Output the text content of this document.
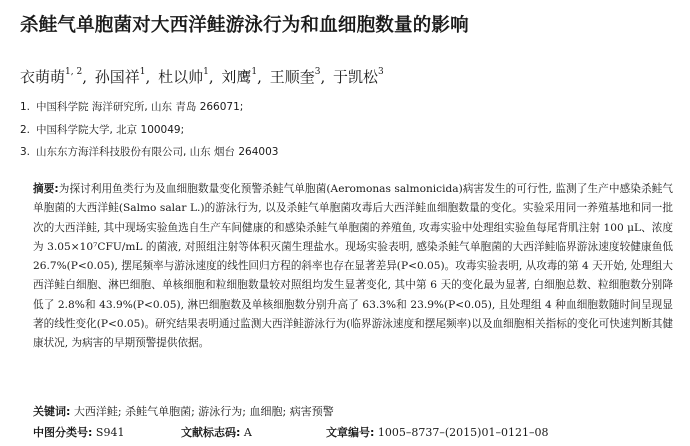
杀鲑气单胞菌对大西洋鲑游泳行为和血细胞数量的影响
衣萌萌$^{1, 2}$, 孙国祥$^1$, 杜以帅$^1$, 刘鹰$^1$, 王顺奎$^3$, 于凯松$^3$
1. 中国科学院 海洋研究所, 山东 青岛 266071;
2. 中国科学院大学, 北京 100049;
3. 山东东方海洋科技股份有限公司, 山东 烟台 264003
摘要:为探讨利用鱼类行为及血细胞数量变化预警杀鲑气单胞菌(Aeromonas salmonicida)病害发生的可行性, 监测了生产中感染杀鲑气单胞菌的大西洋鲑(Salmo salar L.)的游泳行为, 以及杀鲑气单胞菌攻毒后大西洋鲑血细胞数量的变化。实验采用同一养殖基地和同一批次的大西洋鲑, 其中现场实验鱼选自生产车间健康的和感染杀鲑气单胞菌的养殖鱼, 攻毒实验中处理组实验鱼每尾背肌注射 100 μL、浓度为 3.05×10⁷CFU/mL 的菌液, 对照组注射等体积灭菌生理盐水。现场实验表明, 感染杀鲑气单胞菌的大西洋鲑临界游泳速度较健康鱼低 26.7%(P<0.05), 摆尾频率与游泳速度的线性回归方程的斜率也存在显著差异(P<0.05)。攻毒实验表明, 从攻毒的第 4 天开始, 处理组大西洋鲑白细胞、淋巴细胞、单核细胞和粒细胞数量较对照组均发生显著变化, 其中第 6 天的变化最为显著, 白细胞总数、粒细胞数分别降低了 2.8%和 43.9%(P<0.05), 淋巴细胞数及单核细胞数分别升高了 63.3%和 23.9%(P<0.05), 且处理组 4 种血细胞数随时间呈现显著的线性变化(P<0.05)。研究结果表明通过监测大西洋鲑游泳行为(临界游泳速度和摆尾频率)以及血细胞相关指标的变化可快速判断其健康状况, 为病害的早期预警提供依据。
关键词: 大西洋鲑; 杀鲑气单胞菌; 游泳行为; 血细胞; 病害预警
中图分类号: S941	文献标志码: A	文章编号: 1005–8737–(2015)01–0121–08
